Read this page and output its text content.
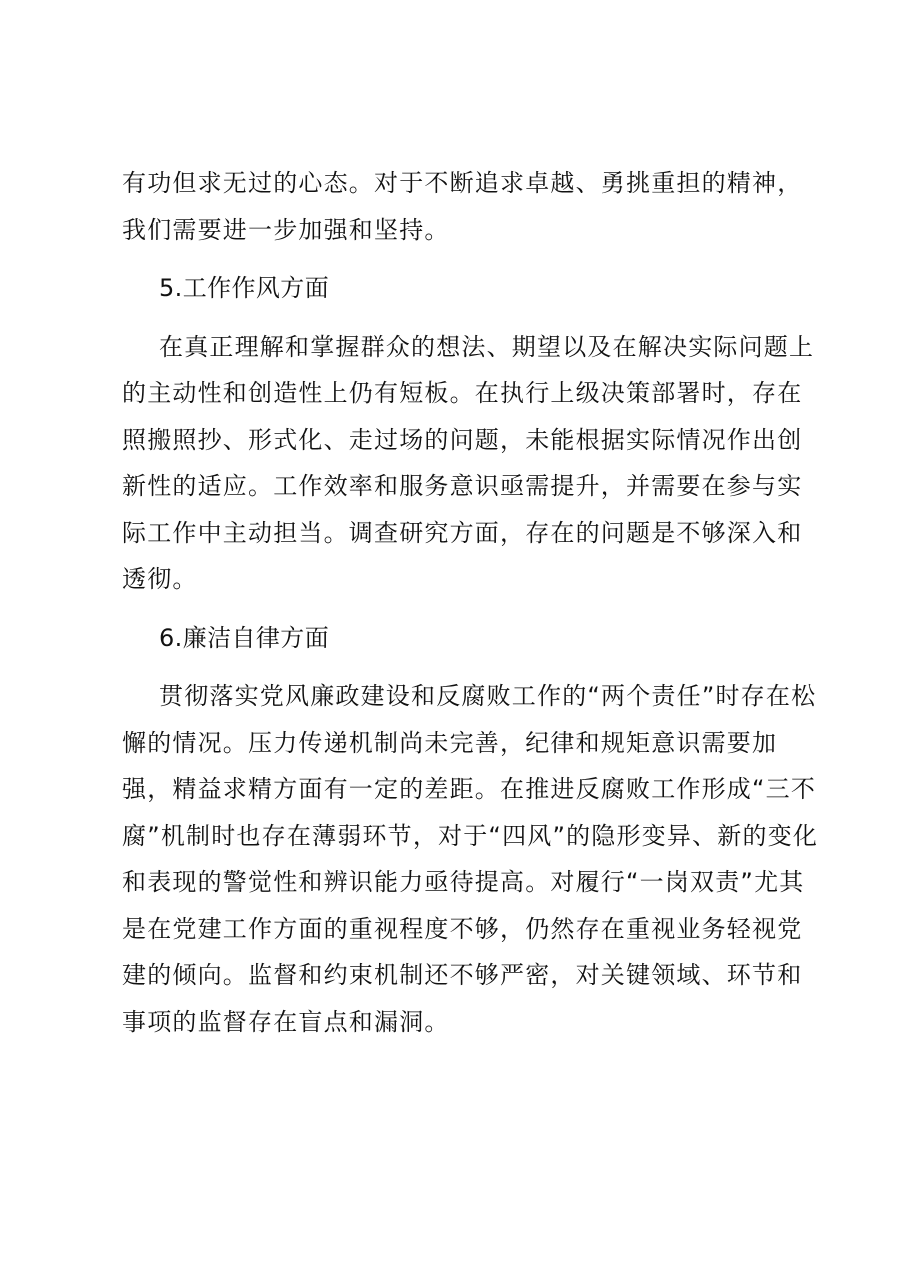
有功但求无过的心态。对于不断追求卓越、勇挑重担的精神，
我们需要进一步加强和坚持。
5.工作作风方面
在真正理解和掌握群众的想法、期望以及在解决实际问题上
的主动性和创造性上仍有短板。在执行上级决策部署时，存在
照搬照抄、形式化、走过场的问题，未能根据实际情况作出创
新性的适应。工作效率和服务意识亟需提升，并需要在参与实
际工作中主动担当。调查研究方面，存在的问题是不够深入和
透彻。
6.廉洁自律方面
贯彻落实党风廉政建设和反腐败工作的“两个责任”时存在松
懈的情况。压力传递机制尚未完善，纪律和规矩意识需要加
强，精益求精方面有一定的差距。在推进反腐败工作形成“三不
腐”机制时也存在薄弱环节，对于“四风”的隐形变异、新的变化
和表现的警觉性和辨识能力亟待提高。对履行“一岗双责”尤其
是在党建工作方面的重视程度不够，仍然存在重视业务轻视党
建的倾向。监督和约束机制还不够严密，对关键领域、环节和
事项的监督存在盲点和漏洞。
